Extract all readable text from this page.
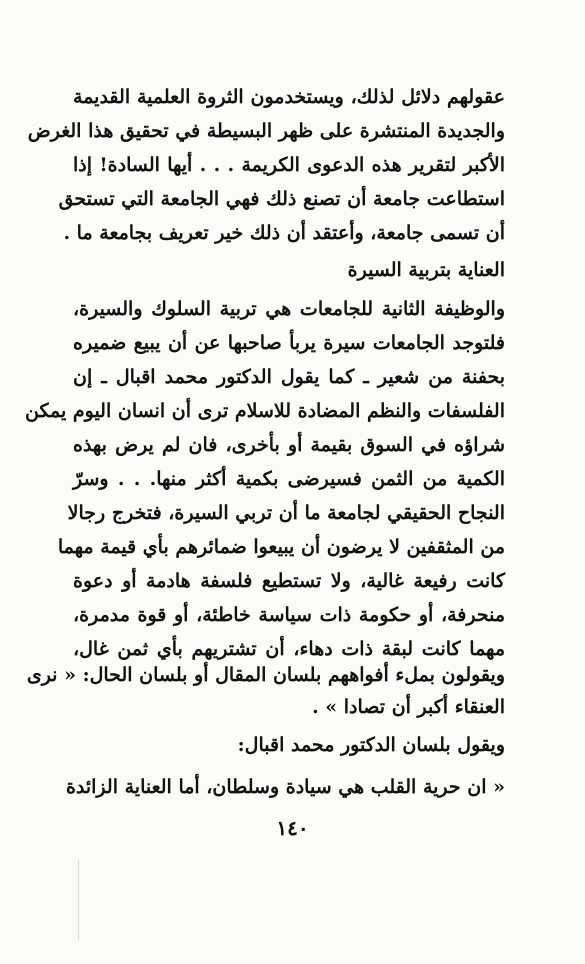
عقولهم دلائل لذلك، ويستخدمون الثروة العلمية القديمة
والجديدة المنتشرة على ظهر البسيطة في تحقيق هذا الغرض
الأكبر لتقرير هذه الدعوى الكريمة . . . أيها السادة! إذا
استطاعت جامعة أن تصنع ذلك فهي الجامعة التي تستحق
أن تسمى جامعة، وأعتقد أن ذلك خير تعريف بجامعة ما .
العناية بتربية السيرة
والوظيفة الثانية للجامعات هي تربية السلوك والسيرة،
فلتوجد الجامعات سيرة يربأ صاحبها عن أن يبيع ضميره
بحفنة من شعير ـ كما يقول الدكتور محمد اقبال ـ إن
الفلسفات والنظم المضادة للاسلام ترى أن انسان اليوم يمكن
شراؤه في السوق بقيمة أو بأخرى، فان لم يرض بهذه
الكمية من الثمن فسيرضى بكمية أكثر منها. . . وسرّ
النجاح الحقيقي لجامعة ما أن تربي السيرة، فتخرج رجالا
من المثقفين لا يرضون أن يبيعوا ضمائرهم بأي قيمة مهما
كانت رفيعة غالية، ولا تستطيع فلسفة هادمة أو دعوة
منحرفة، أو حكومة ذات سياسة خاطئة، أو قوة مدمرة،
مهما كانت لبقة ذات دهاء، أن تشتريهم بأي ثمن غال،
ويقولون بملء أفواههم بلسان المقال أو بلسان الحال: « نرى
العنقاء أكبر أن تصادا » .
ويقول بلسان الدكتور محمد اقبال:
« ان حرية القلب هي سيادة وسلطان، أما العناية الزائدة
١٤٠
